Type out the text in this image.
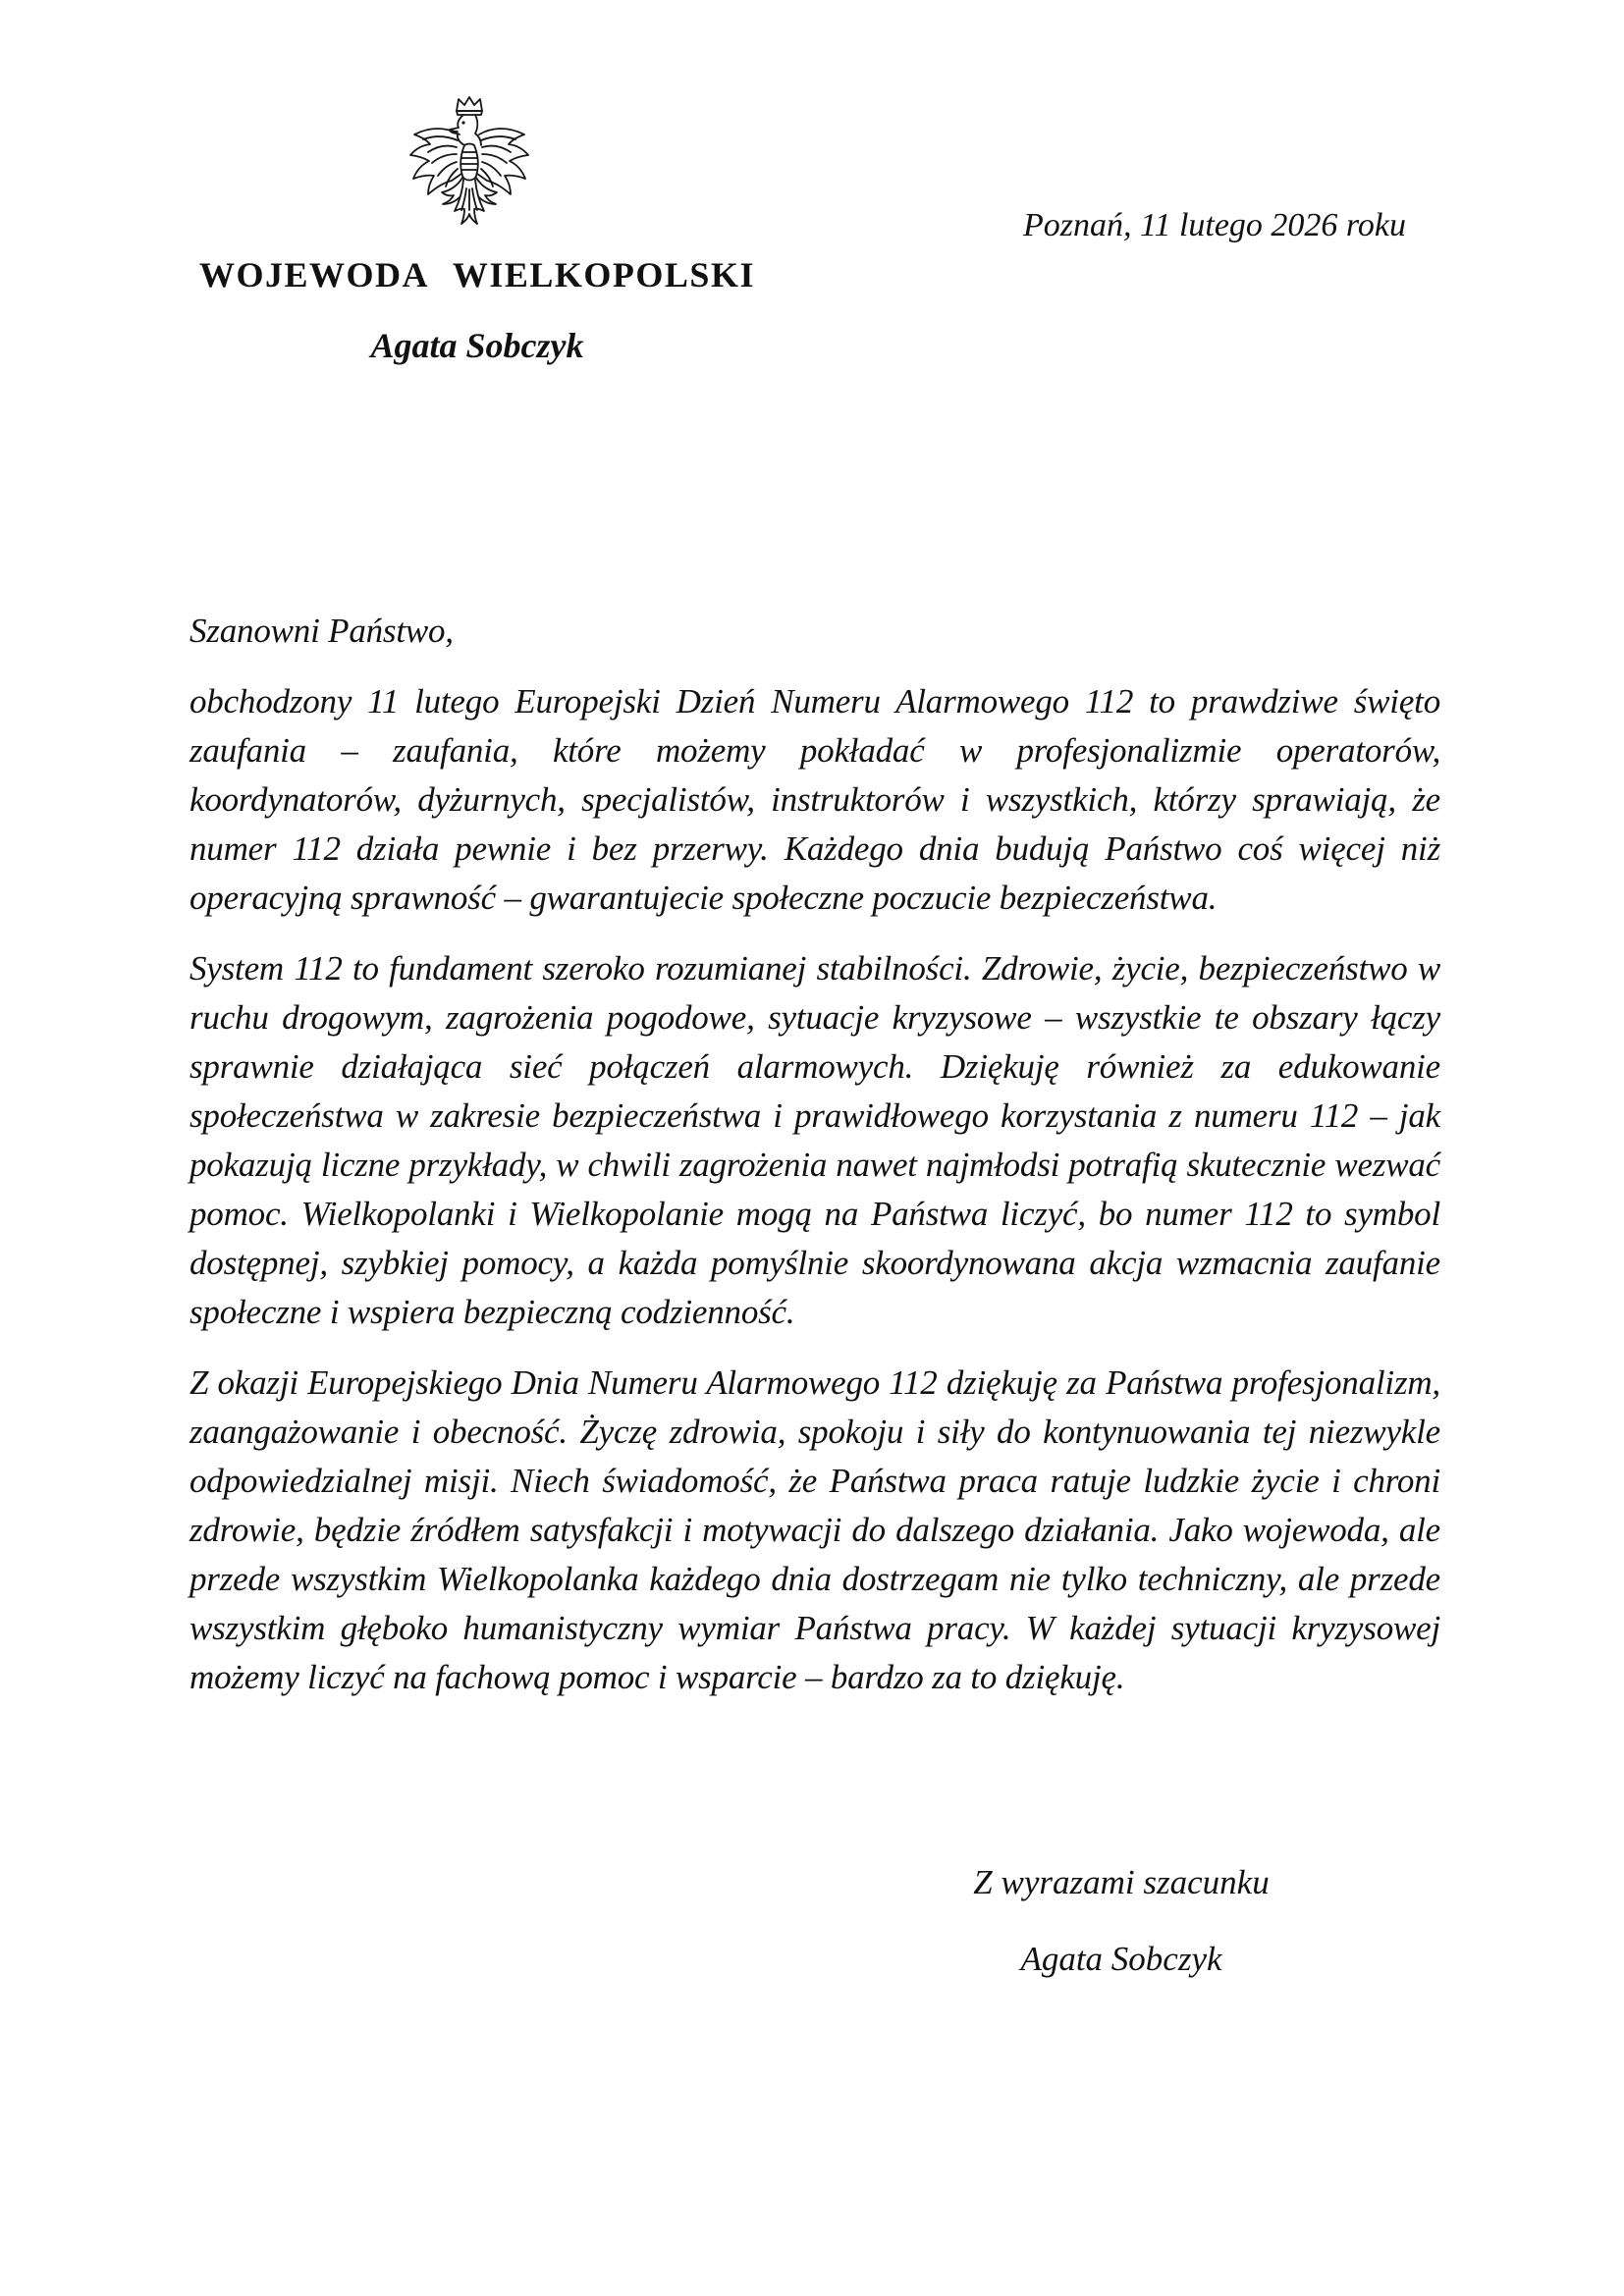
WOJEWODA WIELKOPOLSKI
Agata Sobczyk
Poznań, 11 lutego 2026 roku

Szanowni Państwo,

obchodzony 11 lutego Europejski Dzień Numeru Alarmowego 112 to prawdziwe święto zaufania – zaufania, które możemy pokładać w profesjonalizmie operatorów, koordynatorów, dyżurnych, specjalistów, instruktorów i wszystkich, którzy sprawiają, że numer 112 działa pewnie i bez przerwy. Każdego dnia budują Państwo coś więcej niż operacyjną sprawność – gwarantujecie społeczne poczucie bezpieczeństwa.

System 112 to fundament szeroko rozumianej stabilności. Zdrowie, życie, bezpieczeństwo w ruchu drogowym, zagrożenia pogodowe, sytuacje kryzysowe – wszystkie te obszary łączy sprawnie działająca sieć połączeń alarmowych. Dziękuję również za edukowanie społeczeństwa w zakresie bezpieczeństwa i prawidłowego korzystania z numeru 112 – jak pokazują liczne przykłady, w chwili zagrożenia nawet najmłodsi potrafią skutecznie wezwać pomoc. Wielkopolanki i Wielkopolanie mogą na Państwa liczyć, bo numer 112 to symbol dostępnej, szybkiej pomocy, a każda pomyślnie skoordynowana akcja wzmacnia zaufanie społeczne i wspiera bezpieczną codzienność.

Z okazji Europejskiego Dnia Numeru Alarmowego 112 dziękuję za Państwa profesjonalizm, zaangażowanie i obecność. Życzę zdrowia, spokoju i siły do kontynuowania tej niezwykle odpowiedzialnej misji. Niech świadomość, że Państwa praca ratuje ludzkie życie i chroni zdrowie, będzie źródłem satysfakcji i motywacji do dalszego działania. Jako wojewoda, ale przede wszystkim Wielkopolanka każdego dnia dostrzegam nie tylko techniczny, ale przede wszystkim głęboko humanistyczny wymiar Państwa pracy. W każdej sytuacji kryzysowej możemy liczyć na fachową pomoc i wsparcie – bardzo za to dziękuję.

Z wyrazami szacunku
Agata Sobczyk
